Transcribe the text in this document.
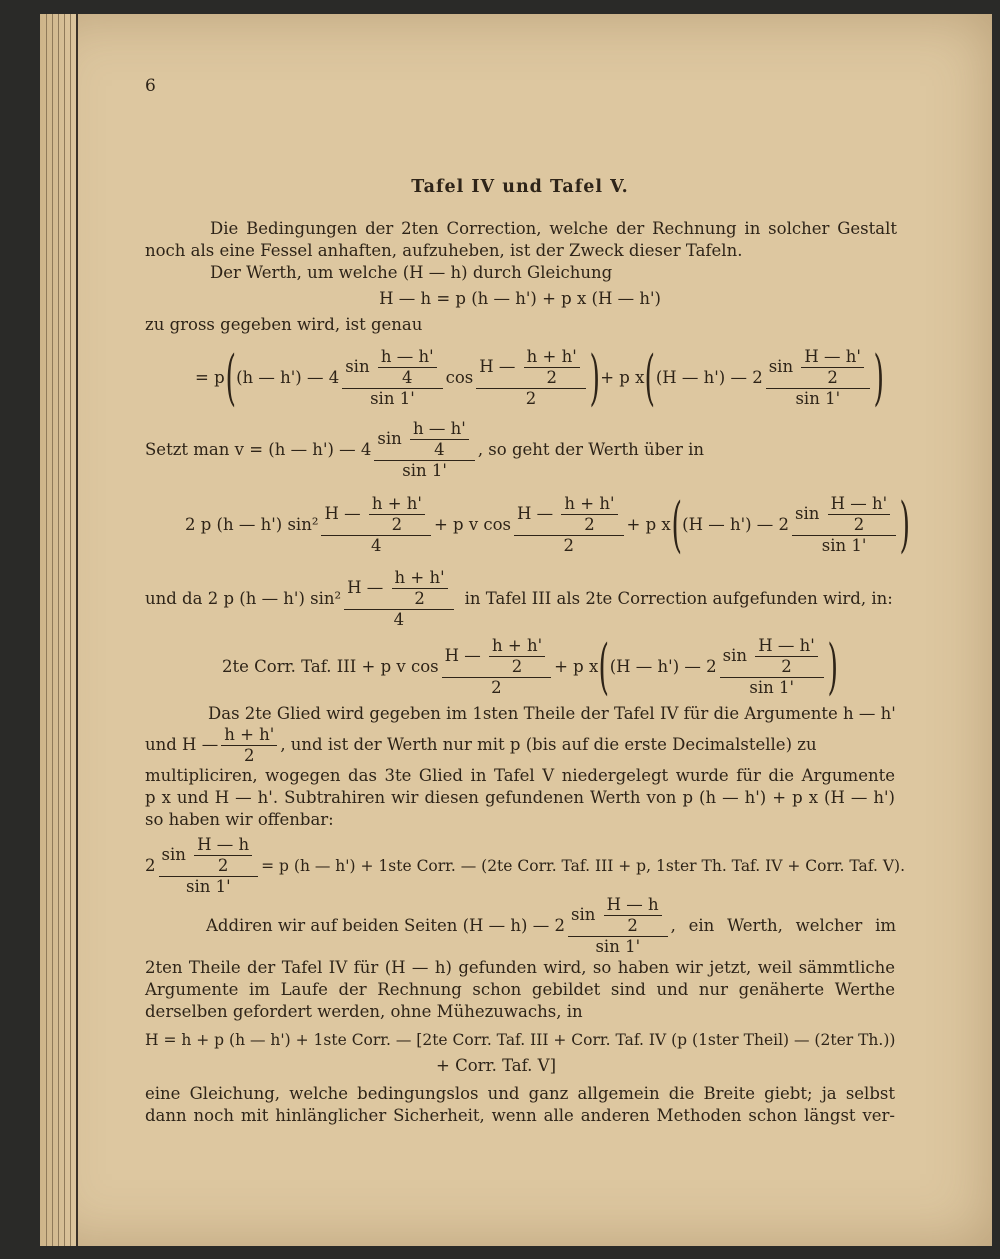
6
Tafel IV und Tafel V.
Die Bedingungen der 2ten Correction, welche der Rechnung in solcher Gestalt
noch als eine Fessel anhaften, aufzuheben, ist der Zweck dieser Tafeln.
Der Werth, um welche (H — h) durch Gleichung
H — h = p (h — h') + p x (H — h')
zu gross gegeben wird, ist genau
= p ( (h — h') — 4
$\sin \frac{h — h'}{4}$
sin 1'
cos
H — $\frac{h + h'}{2}$
2 ) + p x ( (H — h') — 2
$\sin \frac{H — h'}{2}$
sin 1' )
Setzt man v = (h — h') — 4
$\sin \frac{h — h'}{4}$
sin 1'
, so geht der Werth über in
2 p (h — h') sin²
H — $\frac{h + h'}{2}$
4
+ p v cos
H — $\frac{h + h'}{2}$
2
+ p x ( (H — h') — 2
$\sin \frac{H — h'}{2}$
sin 1' )
und da 2 p (h — h') sin²
H — $\frac{h + h'}{2}$
4
in Tafel III als 2te Correction aufgefunden wird, in:
2te Corr. Taf. III + p v cos
H — $\frac{h + h'}{2}$
2
+ p x ( (H — h') — 2
$\sin \frac{H — h'}{2}$
sin 1' )
Das 2te Glied wird gegeben im 1sten Theile der Tafel IV für die Argumente h — h'
und H — $\frac{h + h'}{2}$ , und ist der Werth nur mit p (bis auf die erste Decimalstelle) zu
multipliciren, wogegen das 3te Glied in Tafel V niedergelegt wurde für die Argumente
p x und H — h'. Subtrahiren wir diesen gefundenen Werth von p (h — h') + p x (H — h')
so haben wir offenbar:
$2 \frac{\sin \frac{H — h}{2}}{\sin 1'} = p$ (h — h') + 1ste Corr. — (2te Corr. Taf. III + p, 1ster Th. Taf. IV + Corr. Taf. V).
Addiren wir auf beiden Seiten (H — h) — 2
$\sin \frac{H — h}{2}$
sin 1'
, ein Werth, welcher im
2ten Theile der Tafel IV für (H — h) gefunden wird, so haben wir jetzt, weil sämmtliche
Argumente im Laufe der Rechnung schon gebildet sind und nur genäherte Werthe
derselben gefordert werden, ohne Mühezuwachs, in
H = h + p (h — h') + 1ste Corr. — [2te Corr. Taf. III + Corr. Taf. IV (p (1ster Theil) — (2ter Th.))
+ Corr. Taf. V]
eine Gleichung, welche bedingungslos und ganz allgemein die Breite giebt; ja selbst
dann noch mit hinlänglicher Sicherheit, wenn alle anderen Methoden schon längst ver-
